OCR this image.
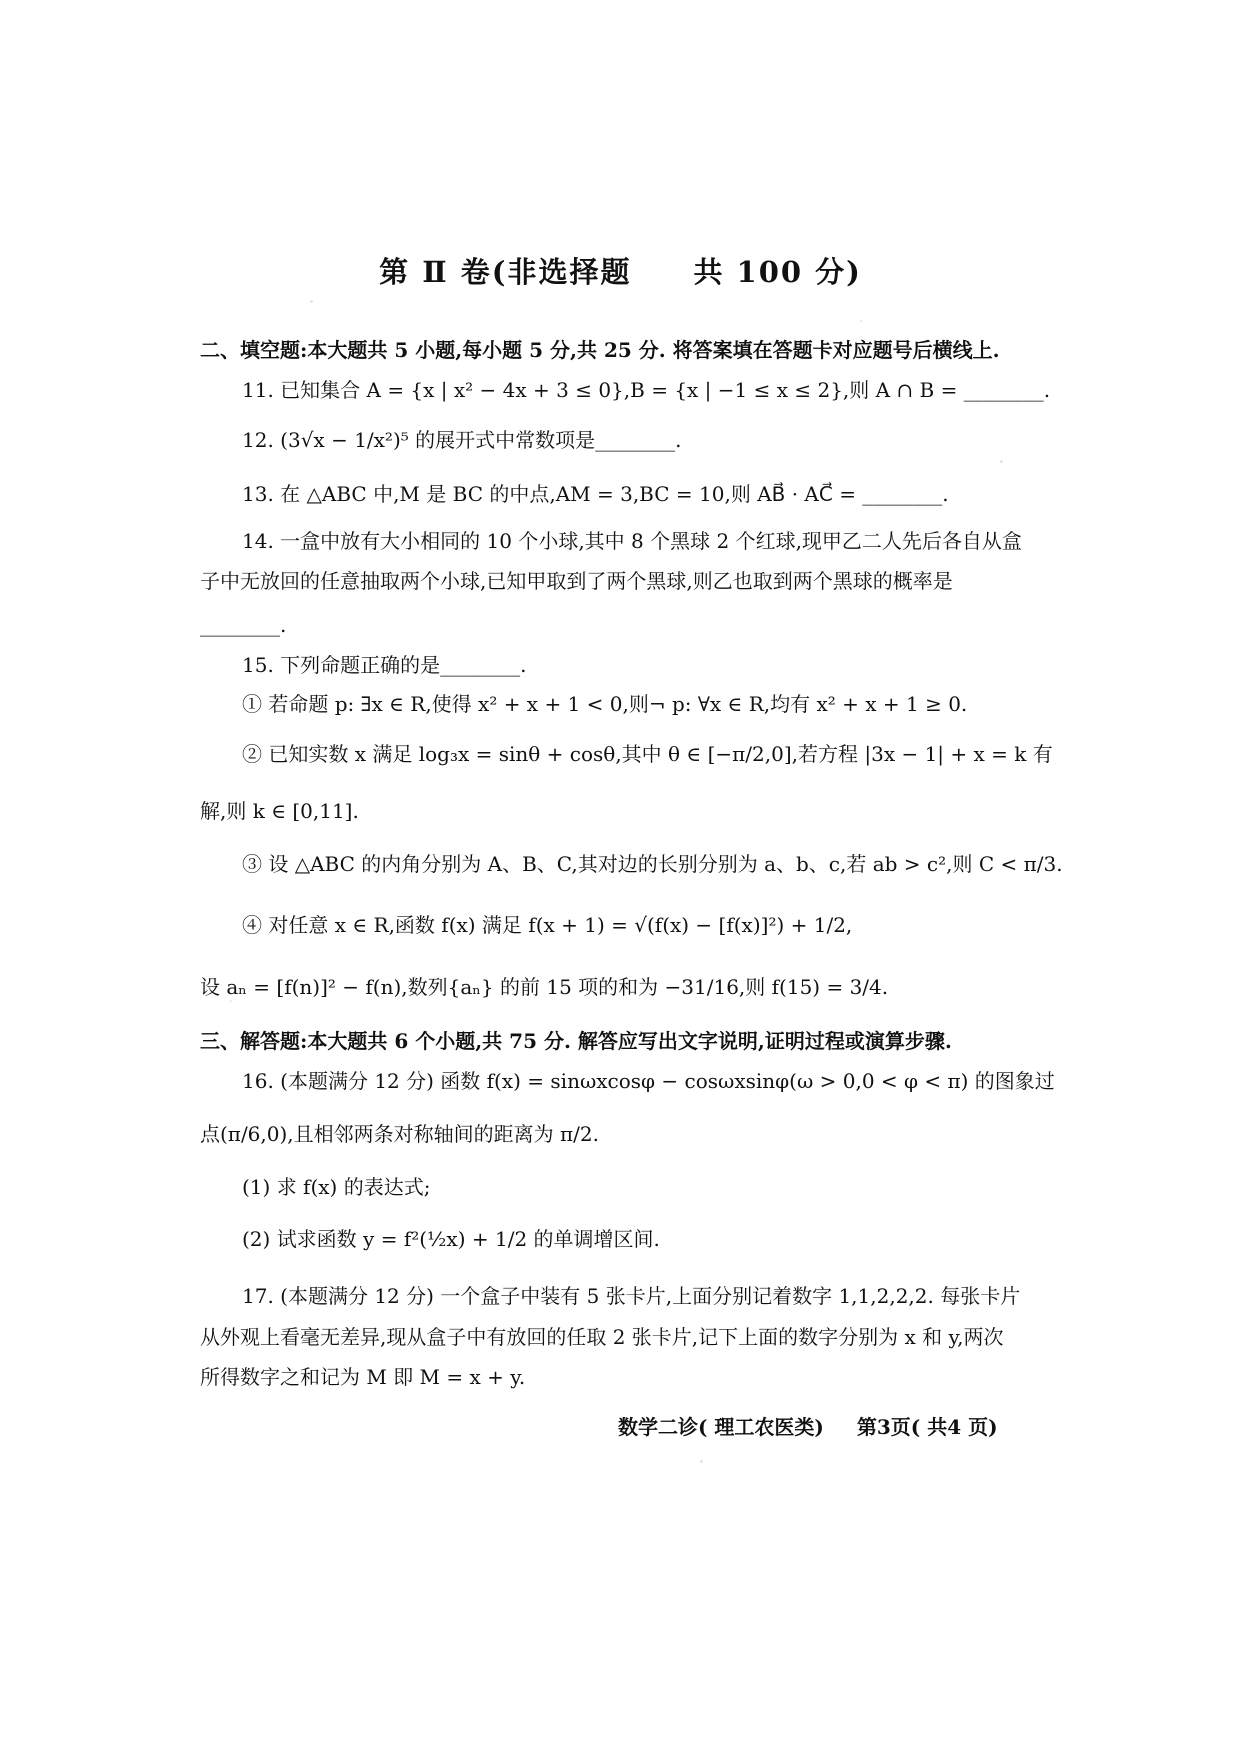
第 Ⅱ 卷(非选择题　　共 100 分)
二、填空题:本大题共 5 小题,每小题 5 分,共 25 分. 将答案填在答题卡对应题号后横线上.
11. 已知集合 A = {x | x² − 4x + 3 ≤ 0},B = {x | −1 ≤ x ≤ 2},则 A ∩ B = ________.
12. (3√x − 1/x²)⁵ 的展开式中常数项是________.
13. 在 △ABC 中,M 是 BC 的中点,AM = 3,BC = 10,则 AB⃗ · AC⃗ = ________.
14. 一盒中放有大小相同的 10 个小球,其中 8 个黑球 2 个红球,现甲乙二人先后各自从盒
子中无放回的任意抽取两个小球,已知甲取到了两个黑球,则乙也取到两个黑球的概率是
________.
15. 下列命题正确的是________.
① 若命题 p: ∃x ∈ R,使得 x² + x + 1 < 0,则¬ p: ∀x ∈ R,均有 x² + x + 1 ≥ 0.
② 已知实数 x 满足 log₃x = sinθ + cosθ,其中 θ ∈ [−π/2,0],若方程 |3x − 1| + x = k 有
解,则 k ∈ [0,11].
③ 设 △ABC 的内角分别为 A、B、C,其对边的长别分别为 a、b、c,若 ab > c²,则 C < π/3.
④ 对任意 x ∈ R,函数 f(x) 满足 f(x + 1) = √(f(x) − [f(x)]²) + 1/2,
设 aₙ = [f(n)]² − f(n),数列{aₙ} 的前 15 项的和为 −31/16,则 f(15) = 3/4.
三、解答题:本大题共 6 个小题,共 75 分. 解答应写出文字说明,证明过程或演算步骤.
16. (本题满分 12 分) 函数 f(x) = sinωxcosφ − cosωxsinφ(ω > 0,0 < φ < π) 的图象过
点(π/6,0),且相邻两条对称轴间的距离为 π/2.
(1) 求 f(x) 的表达式;
(2) 试求函数 y = f²(½x) + 1/2 的单调增区间.
17. (本题满分 12 分) 一个盒子中装有 5 张卡片,上面分别记着数字 1,1,2,2,2. 每张卡片
从外观上看毫无差异,现从盒子中有放回的任取 2 张卡片,记下上面的数字分别为 x 和 y,两次
所得数字之和记为 M 即 M = x + y.
数学二诊( 理工农医类) 第3页( 共4 页)
